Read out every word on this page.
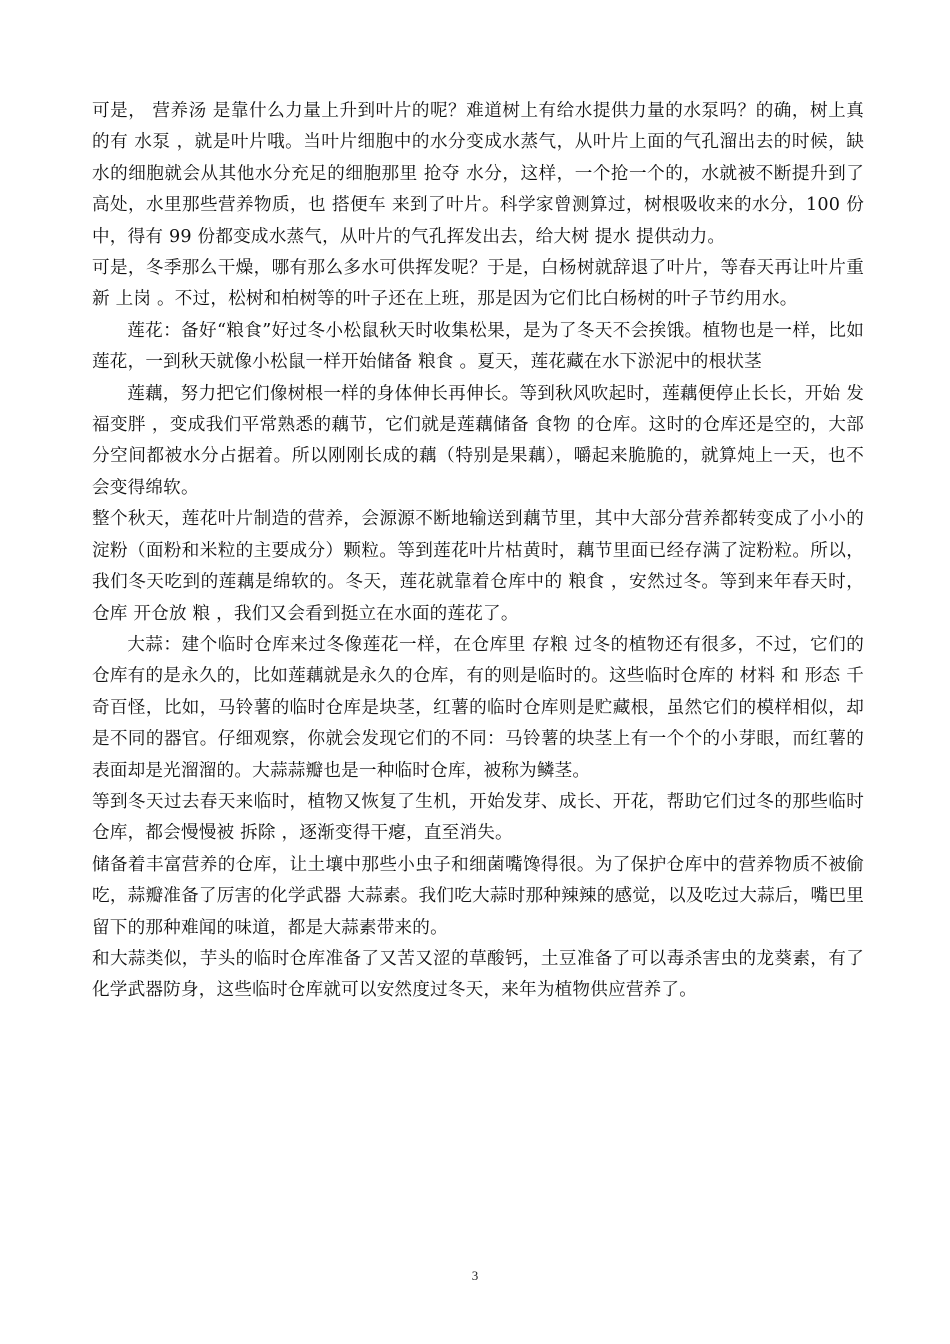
可是， 营养汤 是靠什么力量上升到叶片的呢？难道树上有给水提供力量的水泵吗？的确，树上真的有 水泵 ，就是叶片哦。当叶片细胞中的水分变成水蒸气，从叶片上面的气孔溜出去的时候，缺水的细胞就会从其他水分充足的细胞那里 抢夺 水分，这样，一个抢一个的，水就被不断提升到了高处，水里那些营养物质，也 搭便车 来到了叶片。科学家曾测算过，树根吸收来的水分，100 份中，得有 99 份都变成水蒸气，从叶片的气孔挥发出去，给大树 提水 提供动力。

可是，冬季那么干燥，哪有那么多水可供挥发呢？于是，白杨树就辞退了叶片，等春天再让叶片重新 上岗 。不过，松树和柏树等的叶子还在上班，那是因为它们比白杨树的叶子节约用水。

莲花：备好“粮食”好过冬小松鼠秋天时收集松果，是为了冬天不会挨饿。植物也是一样，比如莲花，一到秋天就像小松鼠一样开始储备 粮食 。夏天，莲花藏在水下淤泥中的根状茎

莲藕，努力把它们像树根一样的身体伸长再伸长。等到秋风吹起时，莲藕便停止长长，开始 发福变胖 ，变成我们平常熟悉的藕节，它们就是莲藕储备 食物 的仓库。这时的仓库还是空的，大部分空间都被水分占据着。所以刚刚长成的藕（特别是果藕），嚼起来脆脆的，就算炖上一天，也不会变得绵软。

整个秋天，莲花叶片制造的营养，会源源不断地输送到藕节里，其中大部分营养都转变成了小小的淀粉（面粉和米粒的主要成分）颗粒。等到莲花叶片枯黄时，藕节里面已经存满了淀粉粒。所以，我们冬天吃到的莲藕是绵软的。冬天，莲花就靠着仓库中的 粮食 ，安然过冬。等到来年春天时， 仓库 开仓放 粮 ，我们又会看到挺立在水面的莲花了。

大蒜：建个临时仓库来过冬像莲花一样，在仓库里 存粮 过冬的植物还有很多，不过，它们的仓库有的是永久的，比如莲藕就是永久的仓库，有的则是临时的。这些临时仓库的 材料 和 形态 千奇百怪，比如，马铃薯的临时仓库是块茎，红薯的临时仓库则是贮藏根，虽然它们的模样相似，却是不同的器官。仔细观察，你就会发现它们的不同：马铃薯的块茎上有一个个的小芽眼，而红薯的表面却是光溜溜的。大蒜蒜瓣也是一种临时仓库，被称为鳞茎。

等到冬天过去春天来临时，植物又恢复了生机，开始发芽、成长、开花，帮助它们过冬的那些临时仓库，都会慢慢被 拆除 ，逐渐变得干瘪，直至消失。

储备着丰富营养的仓库，让土壤中那些小虫子和细菌嘴馋得很。为了保护仓库中的营养物质不被偷吃，蒜瓣准备了厉害的化学武器 大蒜素。我们吃大蒜时那种辣辣的感觉，以及吃过大蒜后，嘴巴里留下的那种难闻的味道，都是大蒜素带来的。

和大蒜类似，芋头的临时仓库准备了又苦又涩的草酸钙，土豆准备了可以毒杀害虫的龙葵素，有了化学武器防身，这些临时仓库就可以安然度过冬天，来年为植物供应营养了。

3
